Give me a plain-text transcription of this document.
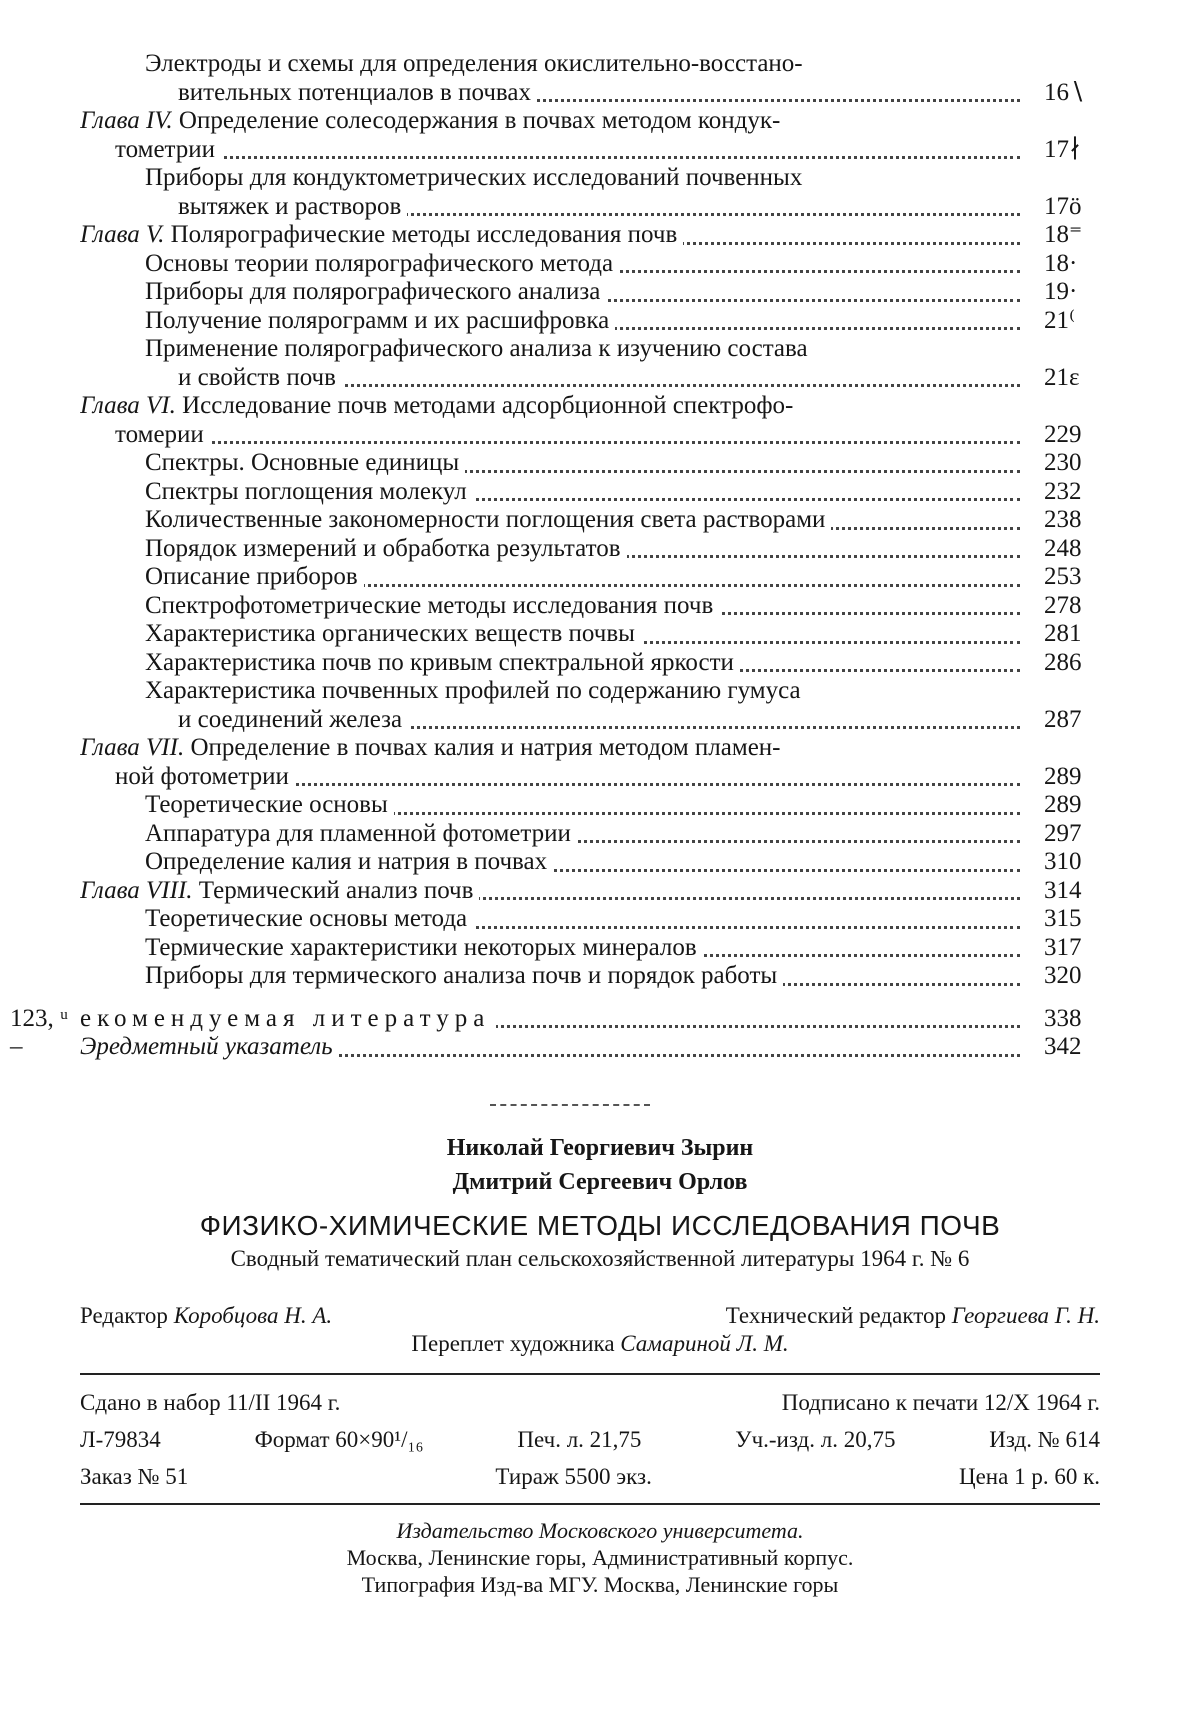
Электроды и схемы для определения окислительно-восстано-
вительных потенциалов в почвах	16∖
Глава IV. Определение солесодержания в почвах методом кондук-
тометрии	17∤
Приборы для кондуктометрических исследований почвенных
вытяжек и растворов	17ö
Глава V. Полярографические методы исследования почв	18⁼
Основы теории полярографического метода	18·
Приборы для полярографического анализа	19·
Получение полярограмм и их расшифровка	21⁽
Применение полярографического анализа к изучению состава
и свойств почв	21ε
Глава VI. Исследование почв методами адсорбционной спектрофо-
томерии	229
Спектры. Основные единицы	230
Спектры поглощения молекул	232
Количественные закономерности поглощения света растворами	238
Порядок измерений и обработка результатов	248
Описание приборов	253
Спектрофотометрические методы исследования почв	278
Характеристика органических веществ почвы	281
Характеристика почв по кривым спектральной яркости	286
Характеристика почвенных профилей по содержанию гумуса
и соединений железа	287
Глава VII. Определение в почвах калия и натрия методом пламен-
ной фотометрии	289
Теоретические основы	289
Аппаратура для пламенной фотометрии	297
Определение калия и натрия в почвах	310
Глава VIII. Термический анализ почв	314
Теоретические основы метода	315
Термические характеристики некоторых минералов	317
Приборы для термического анализа почв и порядок работы	320
123, ᵘ екомендуемая литература	338
– Эредметный указатель	342
Николай Георгиевич Зырин
Дмитрий Сергеевич Орлов
ФИЗИКО-ХИМИЧЕСКИЕ МЕТОДЫ ИССЛЕДОВАНИЯ ПОЧВ
Сводный тематический план сельскохозяйственной литературы 1964 г. № 6
Редактор Коробцова Н. А.	Технический редактор Георгиева Г. Н.
Переплет художника Самариной Л. М.
Сдано в набор 11/II 1964 г.	Подписано к печати 12/X 1964 г.
Л-79834	Формат 60×90¹/₁₆	Печ. л. 21,75	Уч.-изд. л. 20,75	Изд. № 614
Заказ № 51	Тираж 5500 экз.	Цена 1 р. 60 к.
Издательство Московского университета.
Москва, Ленинские горы, Административный корпус.
Типография Изд-ва МГУ. Москва, Ленинские горы
